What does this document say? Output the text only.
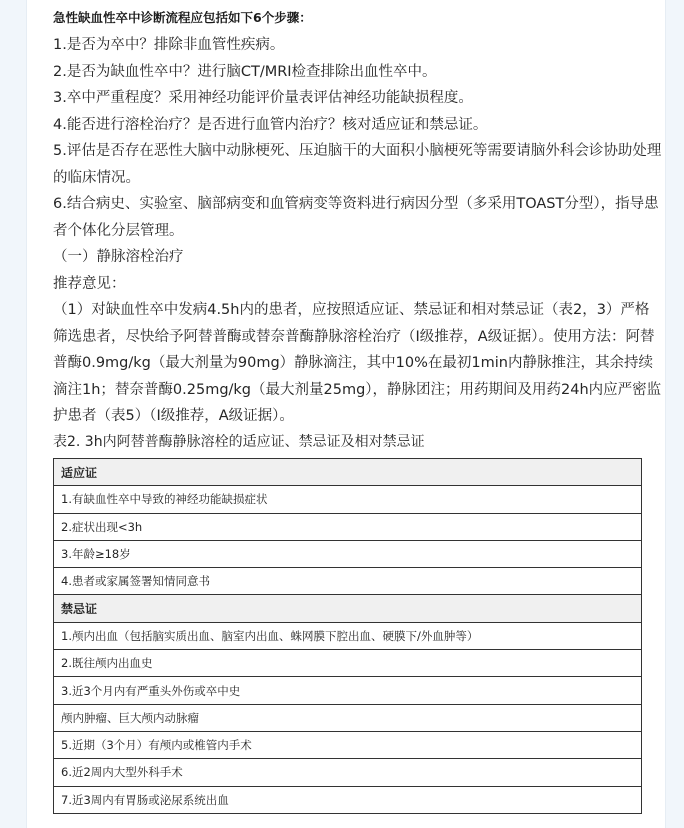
急性缺血性卒中诊断流程应包括如下6个步骤：

1.是否为卒中？排除非血管性疾病。

2.是否为缺血性卒中？进行脑CT/MRI检查排除出血性卒中。

3.卒中严重程度？采用神经功能评价量表评估神经功能缺损程度。

4.能否进行溶栓治疗？是否进行血管内治疗？核对适应证和禁忌证。

5.评估是否存在恶性大脑中动脉梗死、压迫脑干的大面积小脑梗死等需要请脑外科会诊协助处理的临床情况。

6.结合病史、实验室、脑部病变和血管病变等资料进行病因分型（多采用TOAST分型），指导患者个体化分层管理。

（一）静脉溶栓治疗

推荐意见：

（1）对缺血性卒中发病4.5h内的患者，应按照适应证、禁忌证和相对禁忌证（表2，3）严格筛选患者，尽快给予阿替普酶或替奈普酶静脉溶栓治疗（Ⅰ级推荐，A级证据）。使用方法：阿替普酶0.9mg/kg（最大剂量为90mg）静脉滴注，其中10%在最初1min内静脉推注，其余持续滴注1h；替奈普酶0.25mg/kg（最大剂量25mg），静脉团注；用药期间及用药24h内应严密监护患者（表5）（Ⅰ级推荐，A级证据）。

表2. 3h内阿替普酶静脉溶栓的适应证、禁忌证及相对禁忌证

适应证
1.有缺血性卒中导致的神经功能缺损症状
2.症状出现<3h
3.年龄≥18岁
4.患者或家属签署知情同意书
禁忌证
1.颅内出血（包括脑实质出血、脑室内出血、蛛网膜下腔出血、硬膜下/外血肿等）
2.既往颅内出血史
3.近3个月内有严重头外伤或卒中史
颅内肿瘤、巨大颅内动脉瘤
5.近期（3个月）有颅内或椎管内手术
6.近2周内大型外科手术
7.近3周内有胃肠或泌尿系统出血
